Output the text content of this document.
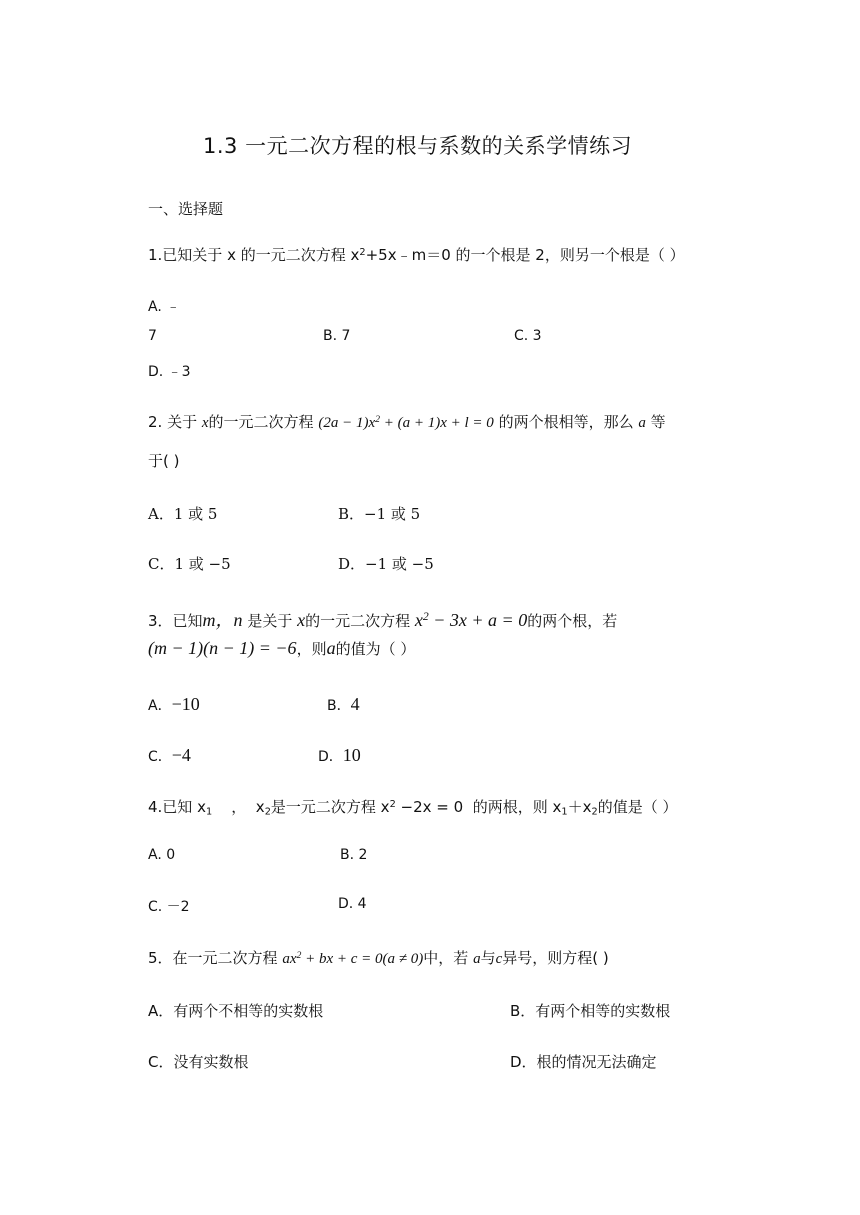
1.3 一元二次方程的根与系数的关系学情练习
一、选择题
1.已知关于 x 的一元二次方程 $x^2+5x﹣m=0$ 的一个根是 2，则另一个根是（ ）
A. ﹣
7	B. 7	C. 3
D. ﹣3
2. 关于 x的一元二次方程 $(2a - 1)x^2 + (a + 1)x + l = 0$ 的两个根相等，那么 a 等
于( )
A．1 或 5	B．−1 或 5
C．1 或 −5	D．−1 或 −5
3．已知m，n 是关于 x的一元二次方程 $x^2 - 3x + a = 0$的两个根，若
(m − 1)(n − 1) = −6，则a的值为（ ）
A．−10	B．4
C．−4	D．10
4.已知 $x_1$    ，  $x_2$是一元二次方程 $x^2 -2x = 0$  的两根，则 $x_1+x_2$的值是（ ）
A. 0	B. 2
C. －2	D. 4
5．在一元二次方程 $ax^2$ + bx + c = 0(a ≠ 0)中，若 a与c异号，则方程( )
A．有两个不相等的实数根	B．有两个相等的实数根
C．没有实数根	D．根的情况无法确定
